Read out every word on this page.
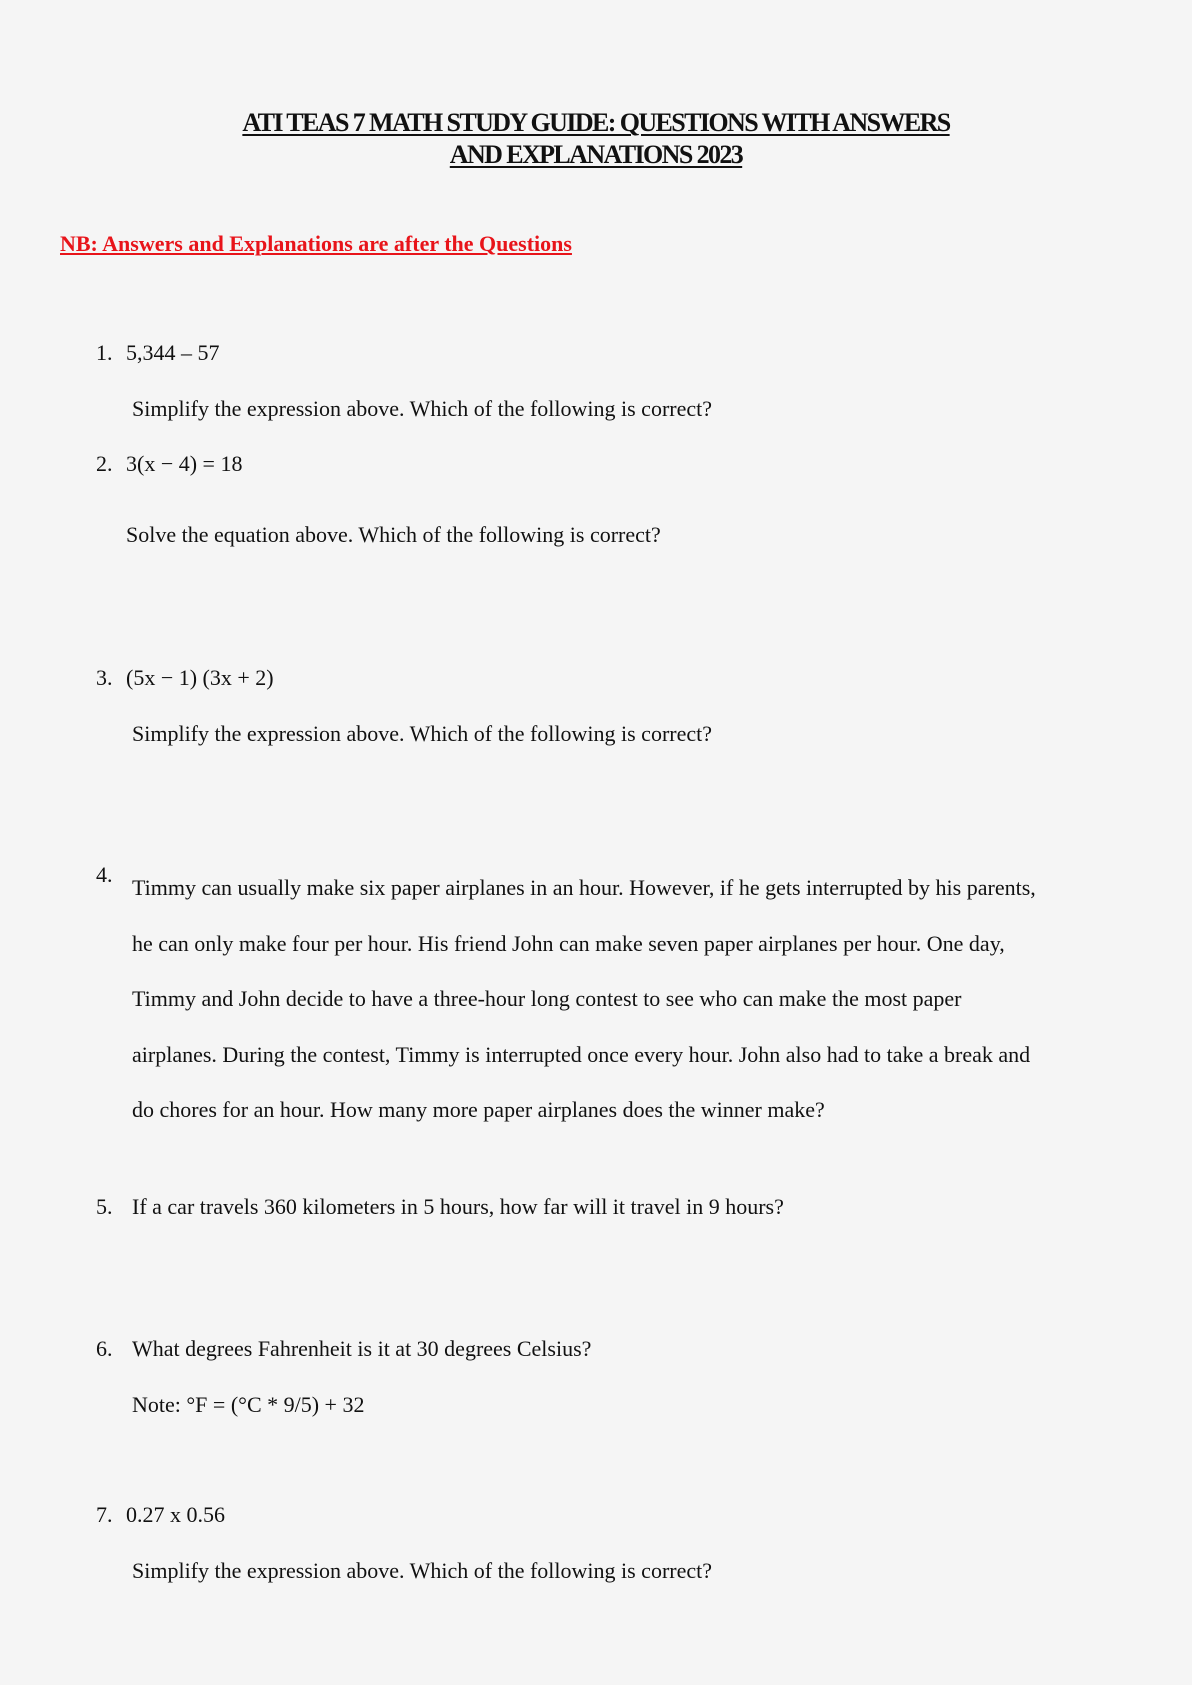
ATI TEAS 7 MATH STUDY GUIDE: QUESTIONS WITH ANSWERS
AND EXPLANATIONS 2023
NB: Answers and Explanations are after the Questions
1. 5,344 – 57
Simplify the expression above. Which of the following is correct?
2. 3(x − 4) = 18
Solve the equation above. Which of the following is correct?
3. (5x − 1) (3x + 2)
Simplify the expression above. Which of the following is correct?
4.
Timmy can usually make six paper airplanes in an hour. However, if he gets interrupted by his parents,
he can only make four per hour. His friend John can make seven paper airplanes per hour. One day,
Timmy and John decide to have a three-hour long contest to see who can make the most paper
airplanes. During the contest, Timmy is interrupted once every hour. John also had to take a break and
do chores for an hour. How many more paper airplanes does the winner make?
5. If a car travels 360 kilometers in 5 hours, how far will it travel in 9 hours?
6. What degrees Fahrenheit is it at 30 degrees Celsius?
Note: °F = (°C * 9/5) + 32
7. 0.27 x 0.56
Simplify the expression above. Which of the following is correct?
